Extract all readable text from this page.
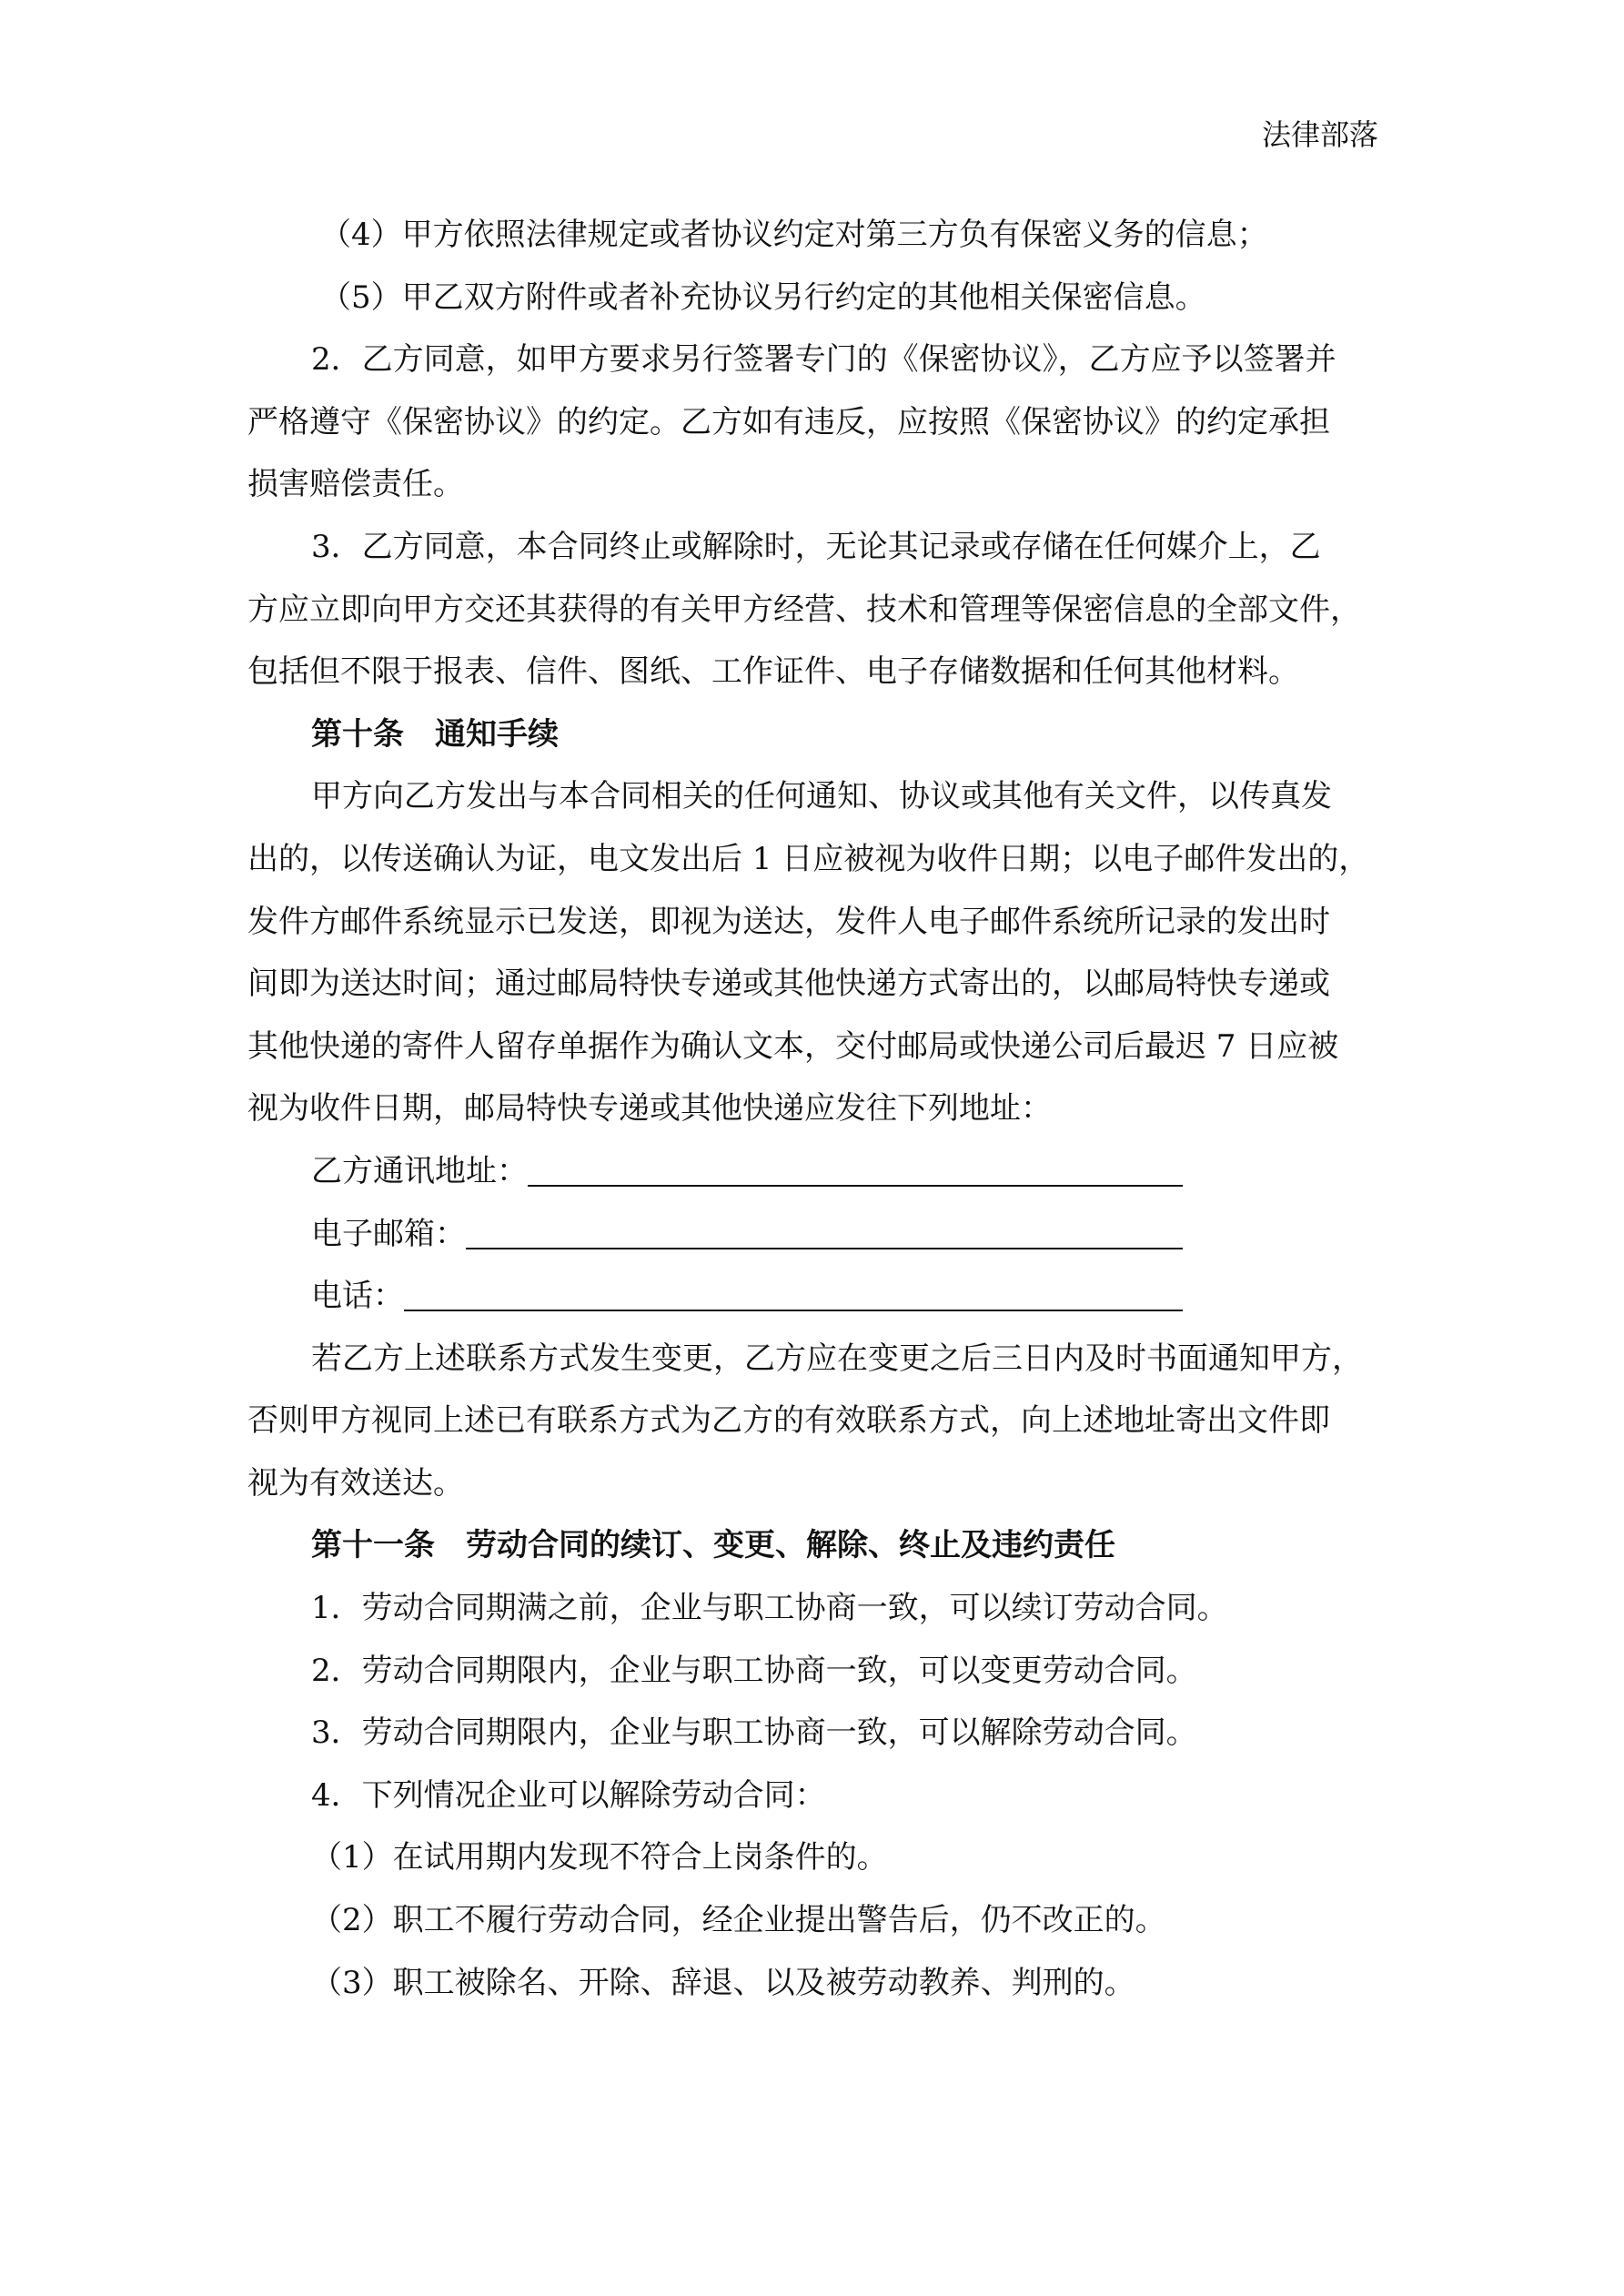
法律部落
（4）甲方依照法律规定或者协议约定对第三方负有保密义务的信息；
（5）甲乙双方附件或者补充协议另行约定的其他相关保密信息。
2．乙方同意，如甲方要求另行签署专门的《保密协议》，乙方应予以签署并
严格遵守《保密协议》的约定。乙方如有违反，应按照《保密协议》的约定承担
损害赔偿责任。
3．乙方同意，本合同终止或解除时，无论其记录或存储在任何媒介上，乙
方应立即向甲方交还其获得的有关甲方经营、技术和管理等保密信息的全部文件，
包括但不限于报表、信件、图纸、工作证件、电子存储数据和任何其他材料。
第十条　通知手续
甲方向乙方发出与本合同相关的任何通知、协议或其他有关文件，以传真发
出的，以传送确认为证，电文发出后 1 日应被视为收件日期；以电子邮件发出的，
发件方邮件系统显示已发送，即视为送达，发件人电子邮件系统所记录的发出时
间即为送达时间；通过邮局特快专递或其他快递方式寄出的，以邮局特快专递或
其他快递的寄件人留存单据作为确认文本，交付邮局或快递公司后最迟 7 日应被
视为收件日期，邮局特快专递或其他快递应发往下列地址：
乙方通讯地址：
电子邮箱：
电话：
若乙方上述联系方式发生变更，乙方应在变更之后三日内及时书面通知甲方，
否则甲方视同上述已有联系方式为乙方的有效联系方式，向上述地址寄出文件即
视为有效送达。
第十一条　劳动合同的续订、变更、解除、终止及违约责任
1．劳动合同期满之前，企业与职工协商一致，可以续订劳动合同。
2．劳动合同期限内，企业与职工协商一致，可以变更劳动合同。
3．劳动合同期限内，企业与职工协商一致，可以解除劳动合同。
4．下列情况企业可以解除劳动合同：
（1）在试用期内发现不符合上岗条件的。
（2）职工不履行劳动合同，经企业提出警告后，仍不改正的。
（3）职工被除名、开除、辞退、以及被劳动教养、判刑的。
